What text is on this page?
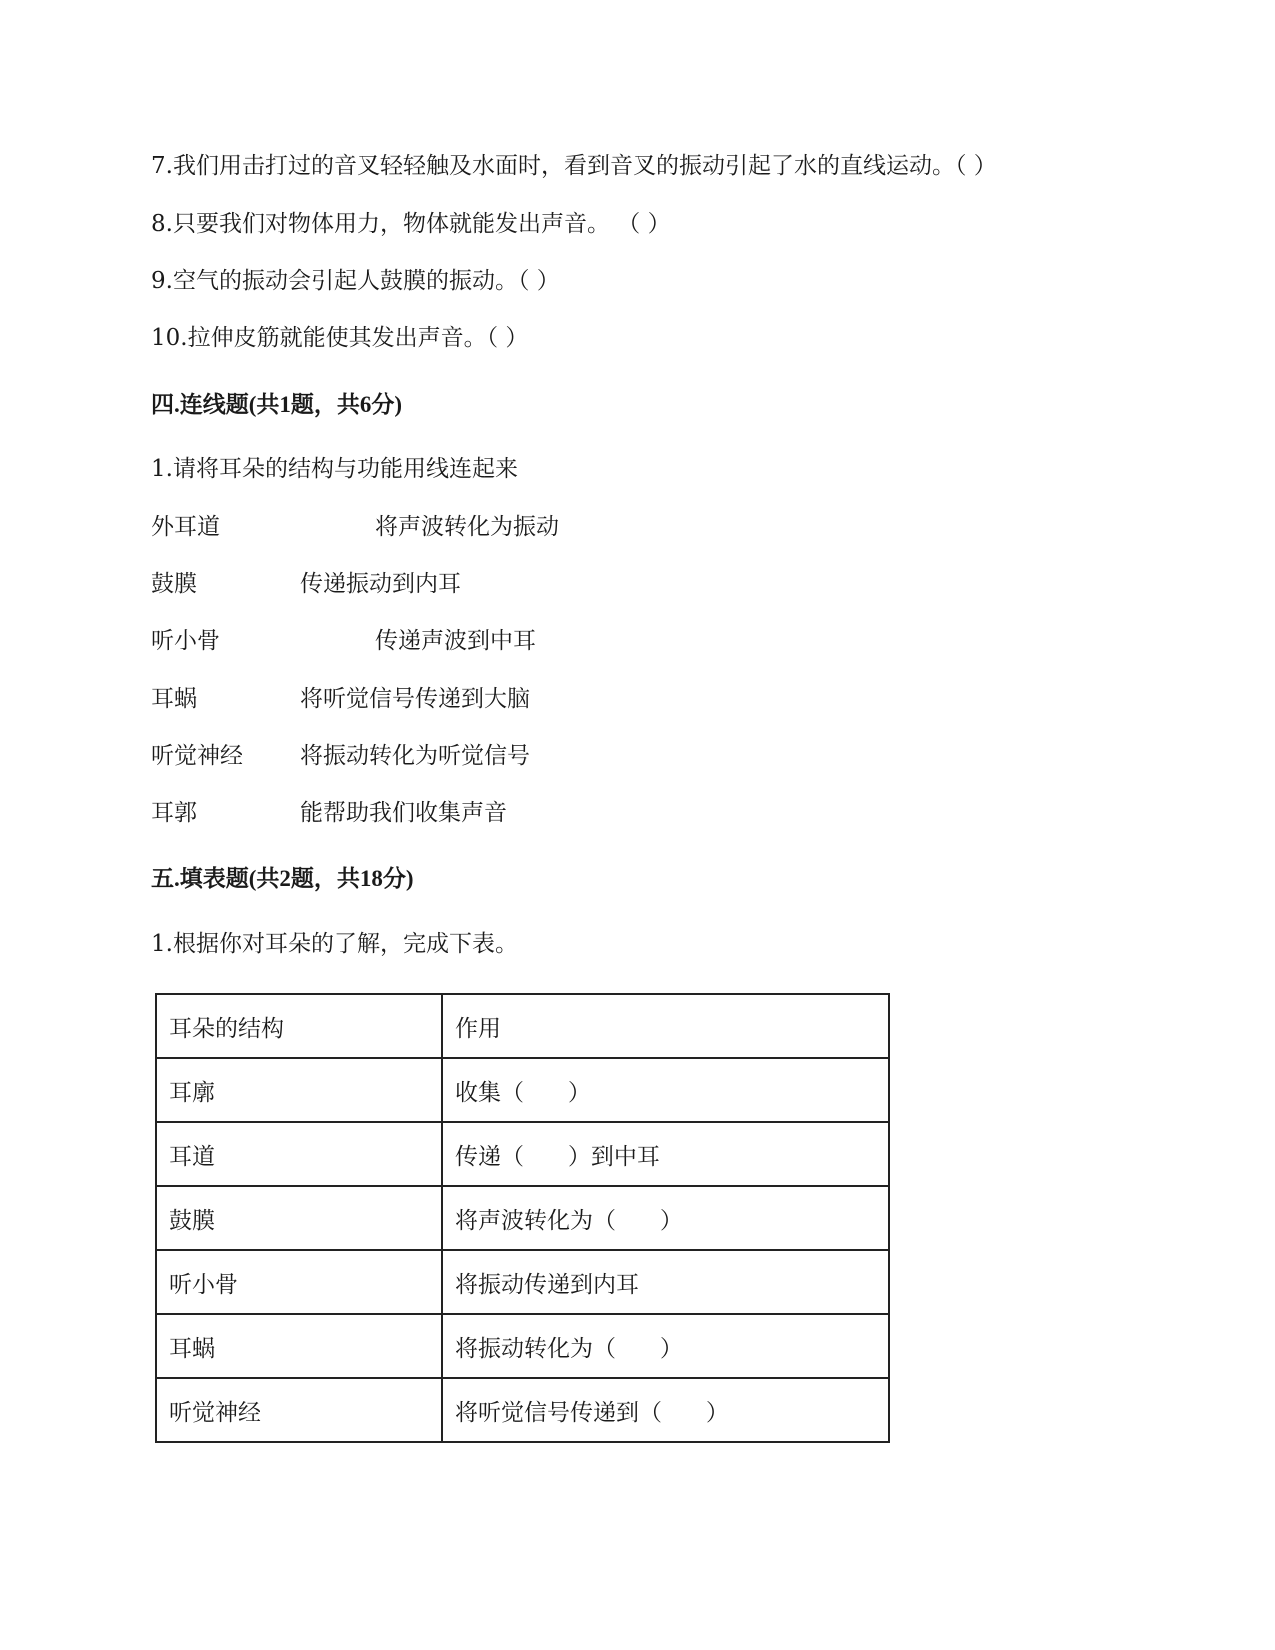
7.我们用击打过的音叉轻轻触及水面时，看到音叉的振动引起了水的直线运动。（ ）
8.只要我们对物体用力，物体就能发出声音。 （ ）
9.空气的振动会引起人鼓膜的振动。（ ）
10.拉伸皮筋就能使其发出声音。（ ）
四.连线题(共1题，共6分)
1.请将耳朵的结构与功能用线连起来
外耳道	将声波转化为振动
鼓膜	传递振动到内耳
听小骨	传递声波到中耳
耳蜗	将听觉信号传递到大脑
听觉神经 将振动转化为听觉信号
耳郭	能帮助我们收集声音
五.填表题(共2题，共18分)
1.根据你对耳朵的了解，完成下表。
耳朵的结构	作用
耳廓	收集（      ）
耳道	传递（      ）到中耳
鼓膜	将声波转化为（      ）
听小骨	将振动传递到内耳
耳蜗	将振动转化为（      ）
听觉神经	将听觉信号传递到（      ）
